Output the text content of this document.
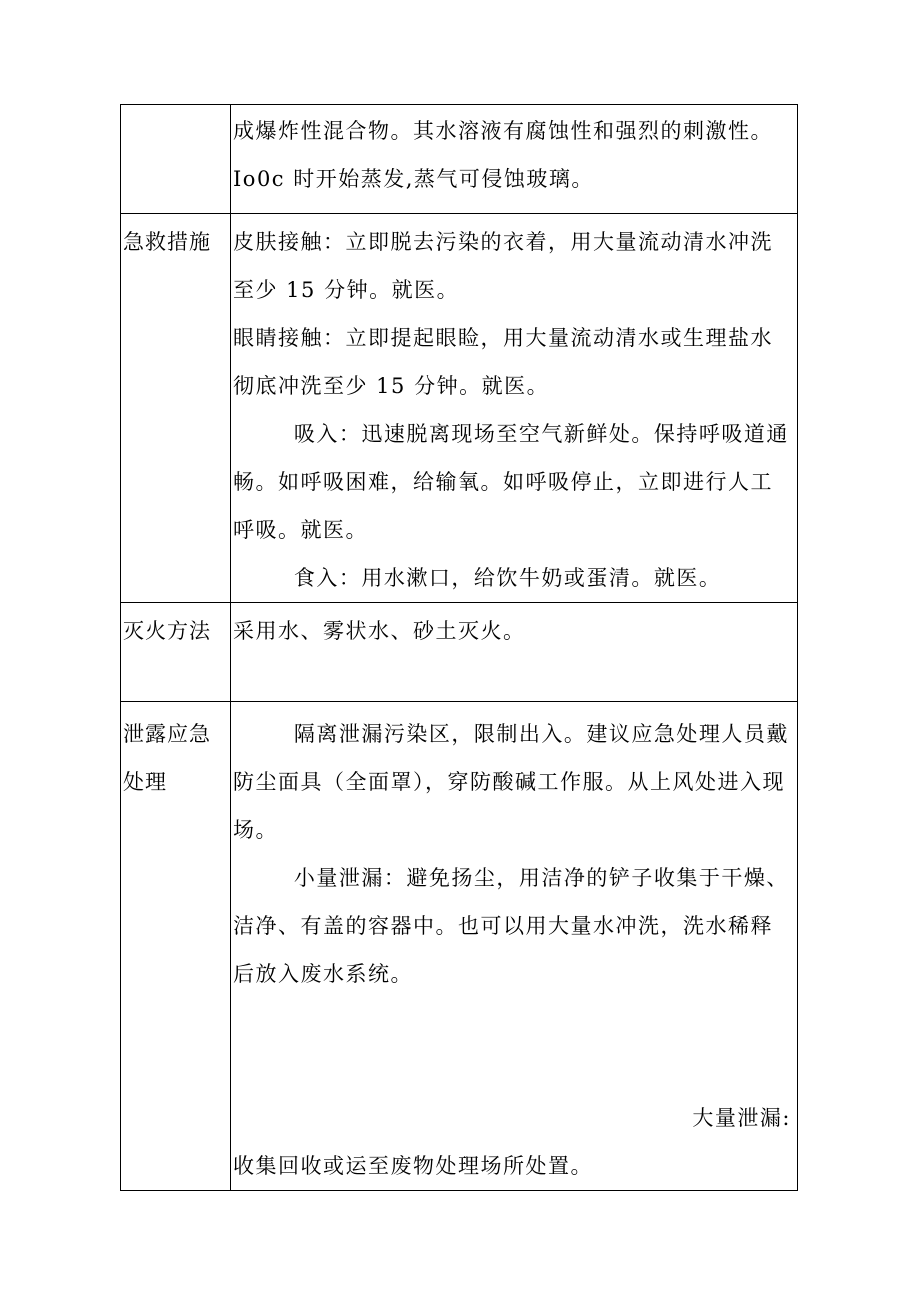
	成爆炸性混合物。其水溶液有腐蚀性和强烈的刺激性。

Io0c 时开始蒸发,蒸气可侵蚀玻璃。

急救措施	皮肤接触：立即脱去污染的衣着，用大量流动清水冲洗至少 15 分钟。就医。

眼睛接触：立即提起眼睑，用大量流动清水或生理盐水彻底冲洗至少 15 分钟。就医。

吸入：迅速脱离现场至空气新鲜处。保持呼吸道通畅。如呼吸困难，给输氧。如呼吸停止，立即进行人工呼吸。就医。

食入：用水漱口，给饮牛奶或蛋清。就医。

灭火方法	采用水、雾状水、砂土灭火。

泄露应急处理	隔离泄漏污染区，限制出入。建议应急处理人员戴防尘面具（全面罩），穿防酸碱工作服。从上风处进入现场。

小量泄漏：避免扬尘，用洁净的铲子收集于干燥、洁净、有盖的容器中。也可以用大量水冲洗，洗水稀释后放入废水系统。

大量泄漏:

收集回收或运至废物处理场所处置。
